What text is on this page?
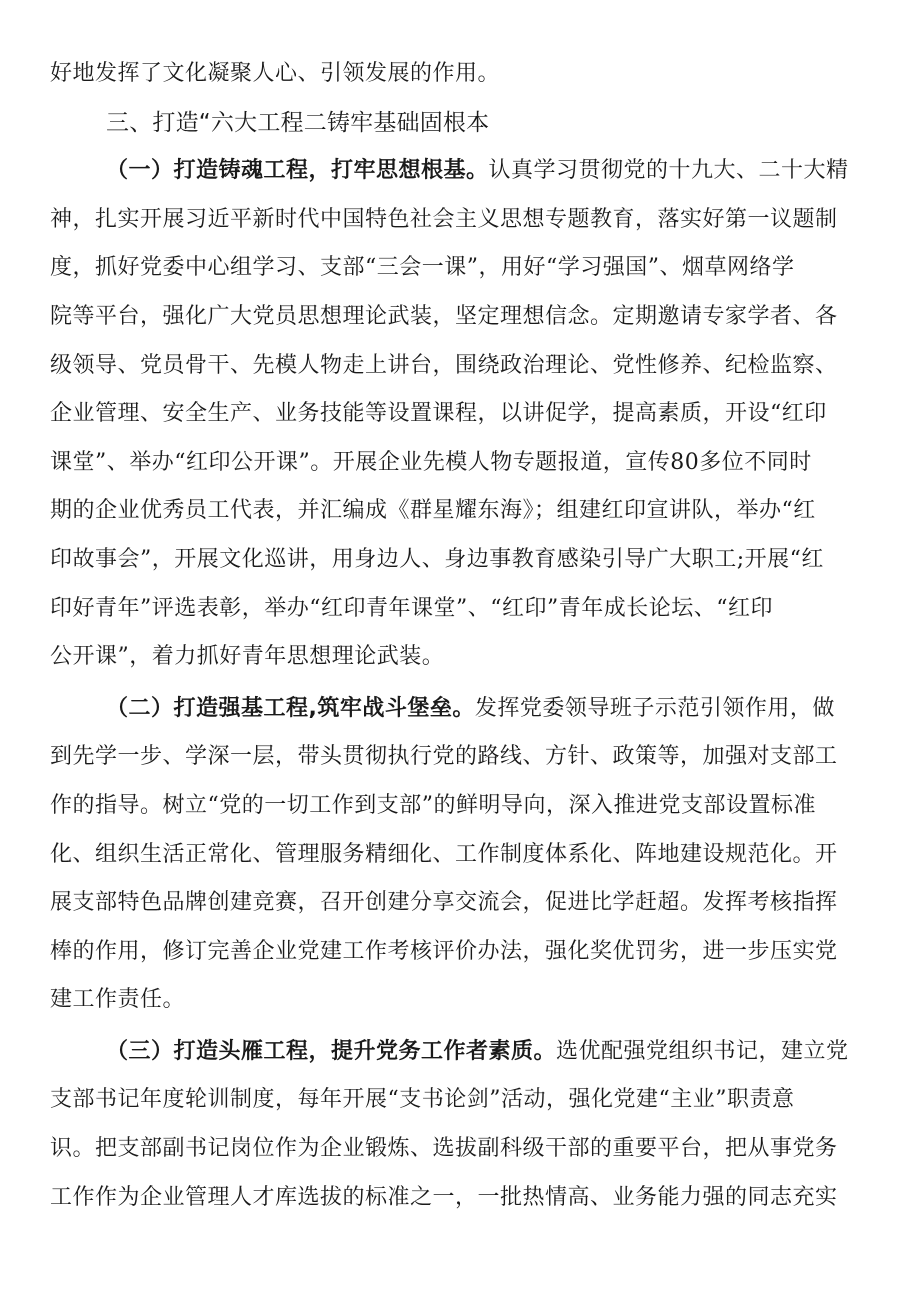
好地发挥了文化凝聚人心、引领发展的作用。
三、打造“六大工程二铸牢基础固根本
（一）打造铸魂工程，打牢思想根基。认真学习贯彻党的十九大、二十大精
神，扎实开展习近平新时代中国特色社会主义思想专题教育，落实好第一议题制
度，抓好党委中心组学习、支部“三会一课”，用好“学习强国”、烟草网络学
院等平台，强化广大党员思想理论武装，坚定理想信念。定期邀请专家学者、各
级领导、党员骨干、先模人物走上讲台，围绕政治理论、党性修养、纪检监察、
企业管理、安全生产、业务技能等设置课程，以讲促学，提高素质，开设“红印
课堂”、举办“红印公开课”。开展企业先模人物专题报道，宣传80多位不同时
期的企业优秀员工代表，并汇编成《群星耀东海》；组建红印宣讲队，举办“红
印故事会”，开展文化巡讲，用身边人、身边事教育感染引导广大职工;开展“红
印好青年”评选表彰，举办“红印青年课堂”、“红印”青年成长论坛、“红印
公开课”，着力抓好青年思想理论武装。
（二）打造强基工程,筑牢战斗堡垒。发挥党委领导班子示范引领作用，做
到先学一步、学深一层，带头贯彻执行党的路线、方针、政策等，加强对支部工
作的指导。树立“党的一切工作到支部”的鲜明导向，深入推进党支部设置标准
化、组织生活正常化、管理服务精细化、工作制度体系化、阵地建设规范化。开
展支部特色品牌创建竞赛，召开创建分享交流会，促进比学赶超。发挥考核指挥
棒的作用，修订完善企业党建工作考核评价办法，强化奖优罚劣，进一步压实党
建工作责任。
（三）打造头雁工程，提升党务工作者素质。选优配强党组织书记，建立党
支部书记年度轮训制度，每年开展“支书论剑”活动，强化党建“主业”职责意
识。把支部副书记岗位作为企业锻炼、选拔副科级干部的重要平台，把从事党务
工作作为企业管理人才库选拔的标准之一，一批热情高、业务能力强的同志充实
